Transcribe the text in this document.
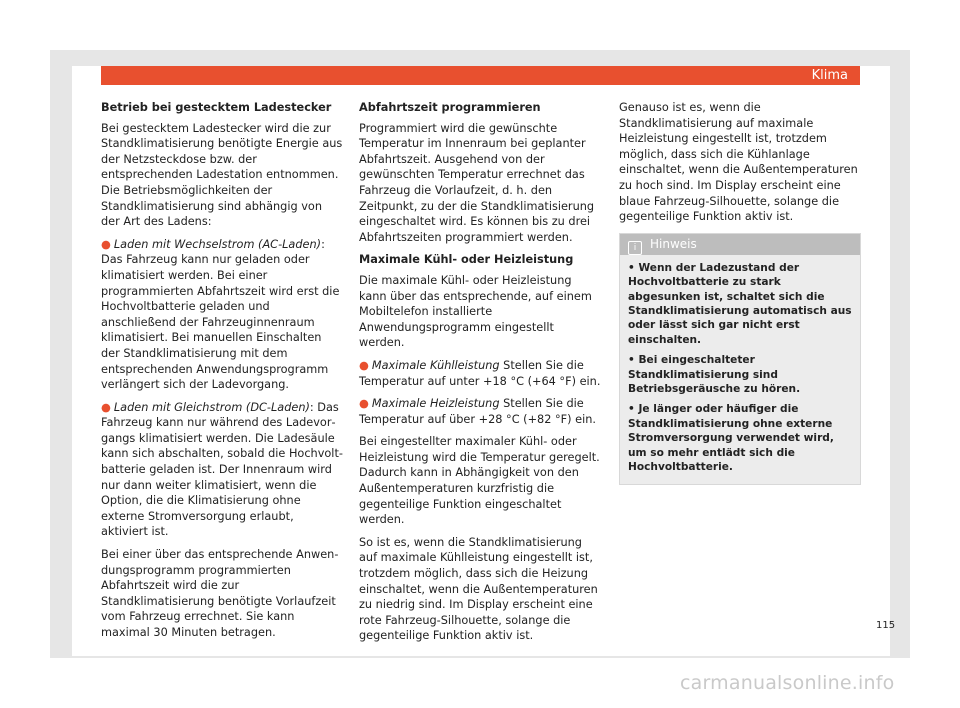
Klima
Betrieb bei gestecktem Ladestecker

Bei gestecktem Ladestecker wird die zur Standklimatisierung benötigte Energie aus der Netzsteckdose bzw. der entsprechenden Ladestation entnommen. Die Betriebsmöglichkeiten der Standklimatisierung sind abhängig von der Art des Ladens:

● Laden mit Wechselstrom (AC-Laden): Das Fahrzeug kann nur geladen oder klimatisiert werden. Bei einer programmierten Abfahrtszeit wird erst die Hochvoltbatterie geladen und anschließend der Fahrzeuginnenraum klimatisiert. Bei manuellen Einschalten der Standklimatisierung mit dem entsprechenden Anwendungsprogramm verlängert sich der Ladevorgang.

● Laden mit Gleichstrom (DC-Laden): Das Fahrzeug kann nur während des Ladevorgangs klimatisiert werden. Die Ladesäule kann sich abschalten, sobald die Hochvoltbatterie geladen ist. Der Innenraum wird nur dann weiter klimatisiert, wenn die Option, die die Klimatisierung ohne externe Stromversorgung erlaubt, aktiviert ist.

Bei einer über das entsprechende Anwendungsprogramm programmierten Abfahrtszeit wird die zur Standklimatisierung benötigte Vorlaufzeit vom Fahrzeug errechnet. Sie kann maximal 30 Minuten betragen.

Abfahrtszeit programmieren

Programmiert wird die gewünschte Temperatur im Innenraum bei geplanter Abfahrtszeit. Ausgehend von der gewünschten Temperatur errechnet das Fahrzeug die Vorlaufzeit, d. h. den Zeitpunkt, zu der die Standklimatisierung eingeschaltet wird. Es können bis zu drei Abfahrtszeiten programmiert werden.

Maximale Kühl- oder Heizleistung

Die maximale Kühl- oder Heizleistung kann über das entsprechende, auf einem Mobiltelefon installierte Anwendungsprogramm eingestellt werden.

● Maximale Kühlleistung Stellen Sie die Temperatur auf unter +18 °C (+64 °F) ein.

● Maximale Heizleistung Stellen Sie die Temperatur auf über +28 °C (+82 °F) ein.

Bei eingestellter maximaler Kühl- oder Heizleistung wird die Temperatur geregelt. Dadurch kann in Abhängigkeit von den Außentemperaturen kurzfristig die gegenteilige Funktion eingeschaltet werden.

So ist es, wenn die Standklimatisierung auf maximale Kühlleistung eingestellt ist, trotzdem möglich, dass sich die Heizung einschaltet, wenn die Außentemperaturen zu niedrig sind. Im Display erscheint eine rote Fahrzeug-Silhouette, solange die gegenteilige Funktion aktiv ist.

Genauso ist es, wenn die Standklimatisierung auf maximale Heizleistung eingestellt ist, trotzdem möglich, dass sich die Kühlanlage einschaltet, wenn die Außentemperaturen zu hoch sind. Im Display erscheint eine blaue Fahrzeug-Silhouette, solange die gegenteilige Funktion aktiv ist.

i Hinweis

• Wenn der Ladezustand der Hochvoltbatterie zu stark abgesunken ist, schaltet sich die Standklimatisierung automatisch aus oder lässt sich gar nicht erst einschalten.

• Bei eingeschalteter Standklimatisierung sind Betriebsgeräusche zu hören.

• Je länger oder häufiger die Standklimatisierung ohne externe Stromversorgung verwendet wird, um so mehr entlädt sich die Hochvoltbatterie.

115
carmanualsonline.info
